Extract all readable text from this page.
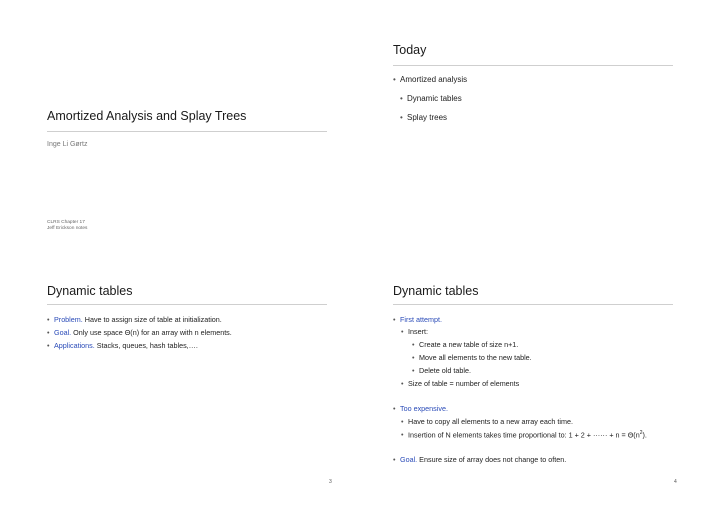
Amortized Analysis and Splay Trees
Inge Li Gørtz
CLRS Chapter 17
Jeff Erickson notes
Today
• Amortized analysis
• Dynamic tables
• Splay trees
Dynamic tables
• Problem. Have to assign size of table at initialization.
• Goal. Only use space Θ(n) for an array with n elements.
• Applications. Stacks, queues, hash tables,….
3
Dynamic tables
• First attempt.
• Insert:
• Create a new table of size n+1.
• Move all elements to the new table.
• Delete old table.
• Size of table = number of elements
• Too expensive.
• Have to copy all elements to a new array each time.
• Insertion of N elements takes time proportional to: 1 + 2 + ······ + $n = \Theta(n^2)$.
• Goal. Ensure size of array does not change to often.
4
